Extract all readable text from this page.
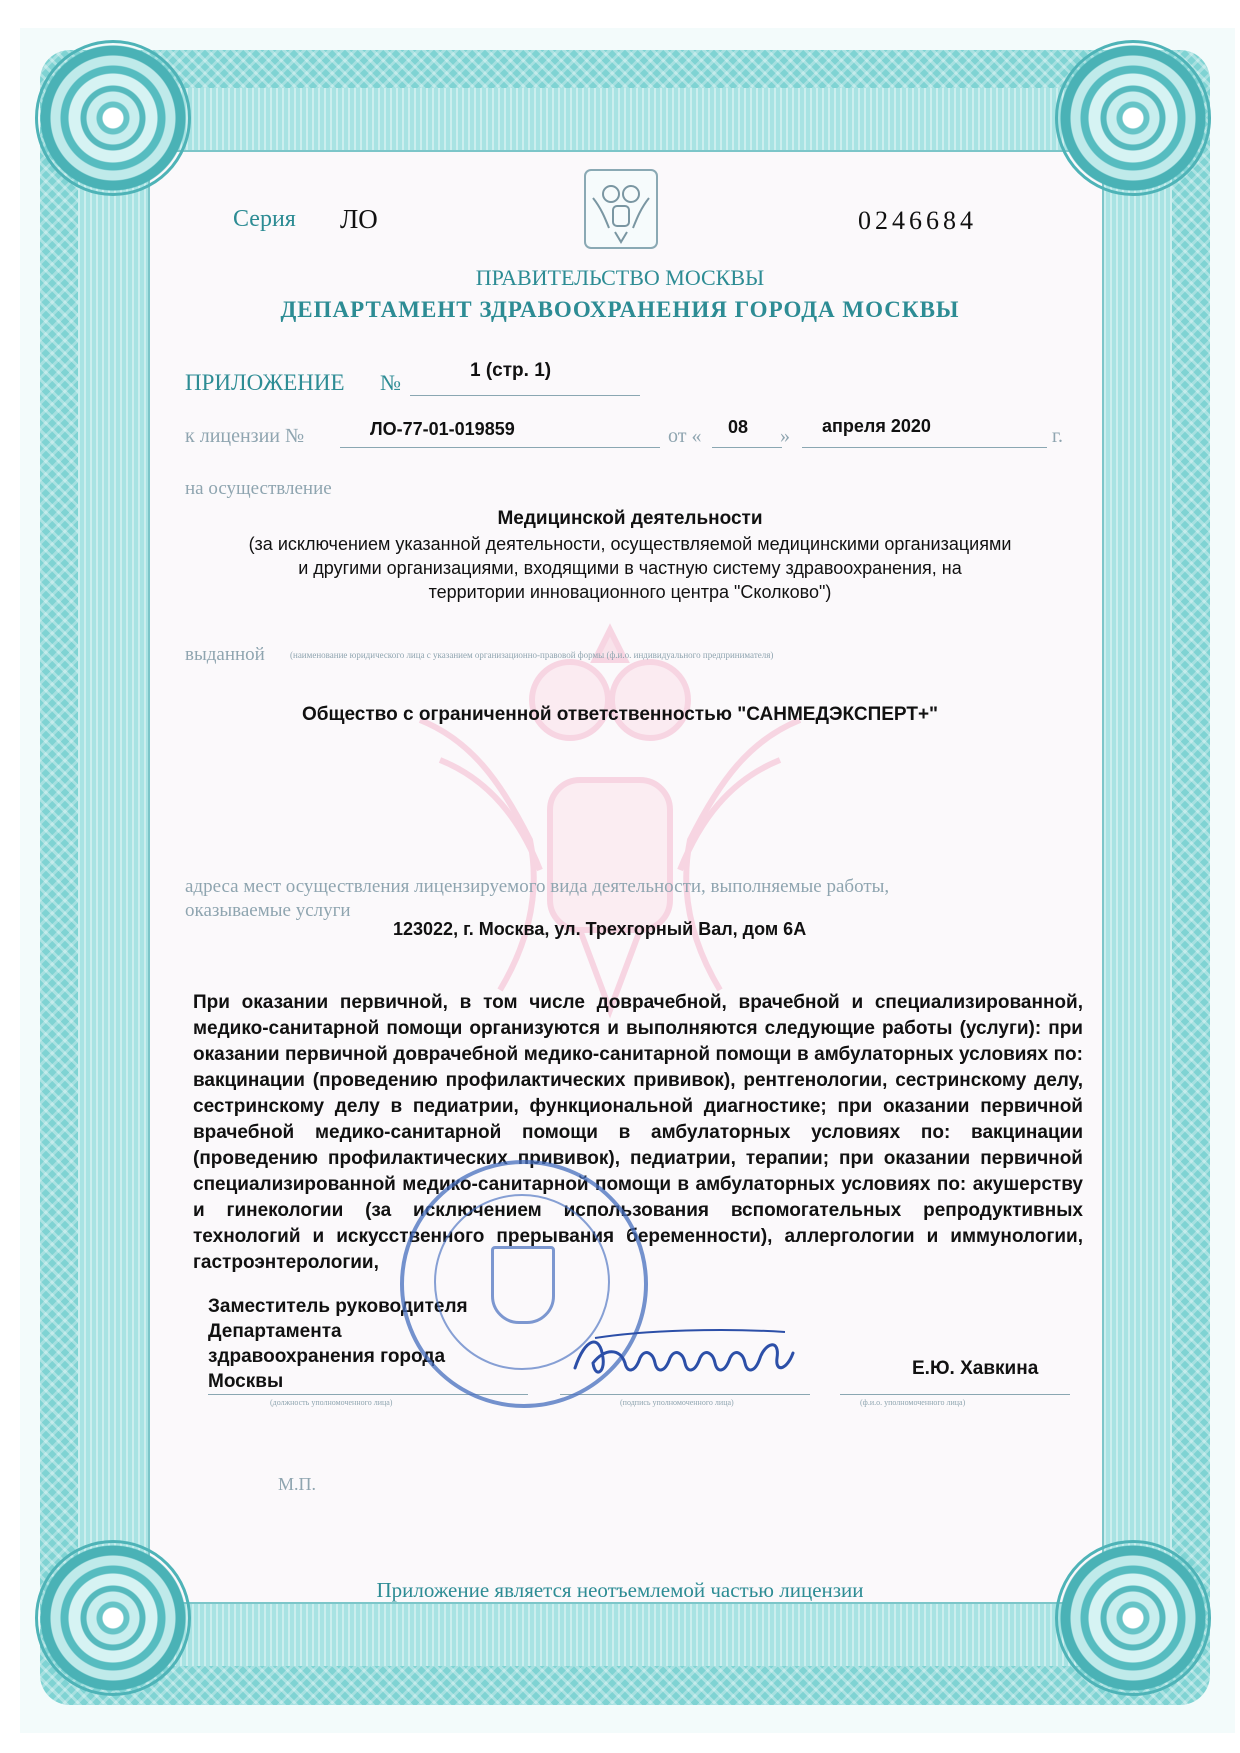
Серия ЛО	0246684
ПРАВИТЕЛЬСТВО МОСКВЫ
ДЕПАРТАМЕНТ ЗДРАВООХРАНЕНИЯ ГОРОДА МОСКВЫ
ПРИЛОЖЕНИЕ №	1 (стр. 1)
к лицензии №	ЛО-77-01-019859	от « 08 » апреля 2020	г.
на осуществление
Медицинской деятельности
(за исключением указанной деятельности, осуществляемой медицинскими организациями
и другими организациями, входящими в частную систему здравоохранения, на
территории инновационного центра "Сколково")
выданной	(наименование юридического лица с указанием организационно-правовой формы (ф.и.о. индивидуального предпринимателя)
Общество с ограниченной ответственностью "САНМЕДЭКСПЕРТ+"
адреса мест осуществления лицензируемого вида деятельности, выполняемые работы,
оказываемые услуги
123022, г. Москва, ул. Трехгорный Вал, дом 6А
При оказании первичной, в том числе доврачебной, врачебной и специализированной, медико-санитарной помощи организуются и выполняются следующие работы (услуги): при оказании первичной доврачебной медико-санитарной помощи в амбулаторных условиях по: вакцинации (проведению профилактических прививок), рентгенологии, сестринскому делу, сестринскому делу в педиатрии, функциональной диагностике; при оказании первичной врачебной медико-санитарной помощи в амбулаторных условиях по: вакцинации (проведению профилактических прививок), педиатрии, терапии; при оказании первичной специализированной медико-санитарной помощи в амбулаторных условиях по: акушерству и гинекологии (за исключением использования вспомогательных репродуктивных технологий и искусственного прерывания беременности), аллергологии и иммунологии, гастроэнтерологии,
Заместитель руководителя
Департамента
здравоохранения города
Москвы
(должность уполномоченного лица)	(подпись уполномоченного лица)	(ф.и.о. уполномоченного лица)
Е.Ю. Хавкина
М.П.
Приложение является неотъемлемой частью лицензии
